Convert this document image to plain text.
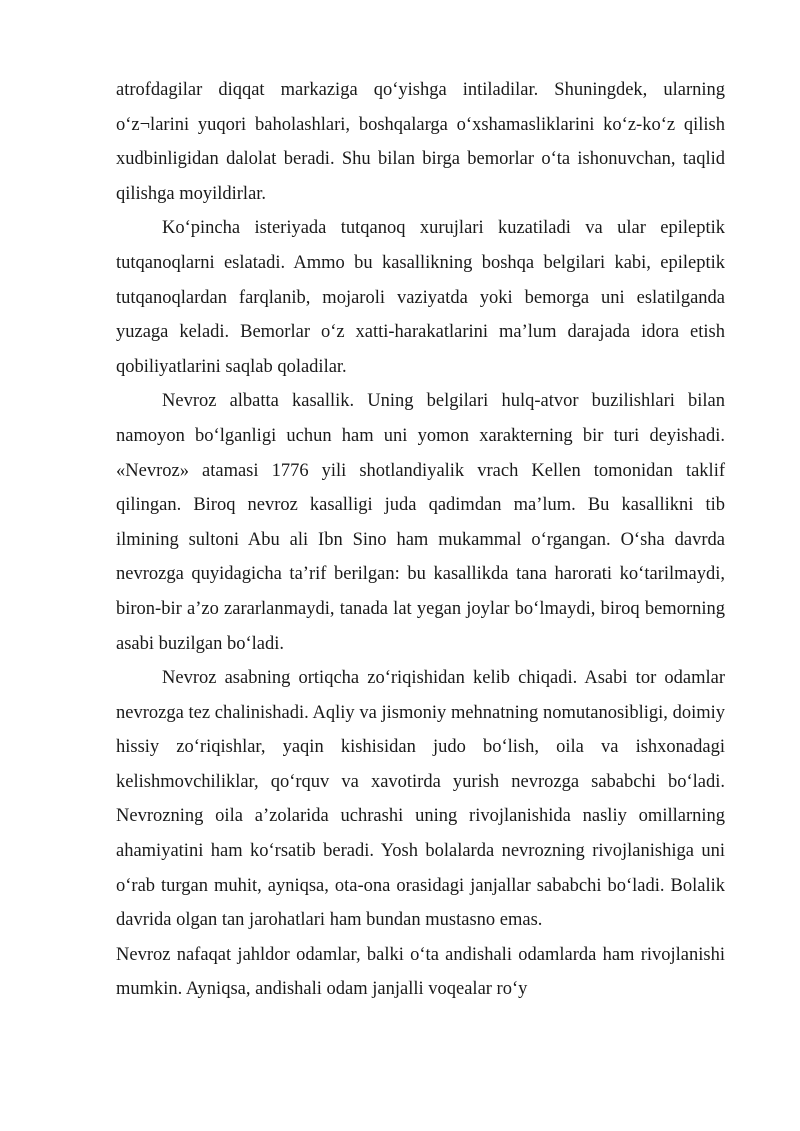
atrofdagilar diqqat markaziga qo‘yishga intiladilar. Shuningdek, ularning o‘z¬larini yuqori baholashlari, boshqalarga o‘xshamasliklarini ko‘z-ko‘z qilish xudbinligidan dalolat beradi. Shu bilan birga bemorlar o‘ta ishonuvchan, taqlid qilishga moyildirlar.

Ko‘pincha isteriyada tutqanoq xurujlari kuzatiladi va ular epileptik tutqanoqlarni eslatadi. Ammo bu kasallikning boshqa belgilari kabi, epileptik tutqanoqlardan farqlanib, mojaroli vaziyatda yoki bemorga uni eslatilganda yuzaga keladi. Bemorlar o‘z xatti-harakatlarini ma’lum darajada idora etish qobiliyatlarini saqlab qoladilar.

Nevroz albatta kasallik. Uning belgilari hulq-atvor buzilishlari bilan namoyon bo‘lganligi uchun ham uni yomon xarakterning bir turi deyishadi. «Nevroz» atamasi 1776 yili shotlandiyalik vrach Kellen tomonidan taklif qilingan. Biroq nevroz kasalligi juda qadimdan ma’lum. Bu kasallikni tib ilmining sultoni Abu ali Ibn Sino ham mukammal o‘rgangan. O‘sha davrda nevrozga quyidagicha ta’rif berilgan: bu kasallikda tana harorati ko‘tarilmaydi, biron-bir a’zo zararlanmaydi, tanada lat yegan joylar bo‘lmaydi, biroq bemorning asabi buzilgan bo‘ladi.

Nevroz asabning ortiqcha zo‘riqishidan kelib chiqadi. Asabi tor odamlar nevrozga tez chalinishadi. Aqliy va jismoniy mehnatning nomutanosibligi, doimiy hissiy zo‘riqishlar, yaqin kishisidan judo bo‘lish, oila va ishxonadagi kelishmovchiliklar, qo‘rquv va xavotirda yurish nevrozga sababchi bo‘ladi. Nevrozning oila a’zolarida uchrashi uning rivojlanishida nasliy omillarning ahamiyatini ham ko‘rsatib beradi. Yosh bolalarda nevrozning rivojlanishiga uni o‘rab turgan muhit, ayniqsa, ota-ona orasidagi janjallar sababchi bo‘ladi. Bolalik davrida olgan tan jarohatlari ham bundan mustasno emas.

Nevroz nafaqat jahldor odamlar, balki o‘ta andishali odamlarda ham rivojlanishi mumkin. Ayniqsa, andishali odam janjalli voqealar ro‘y
